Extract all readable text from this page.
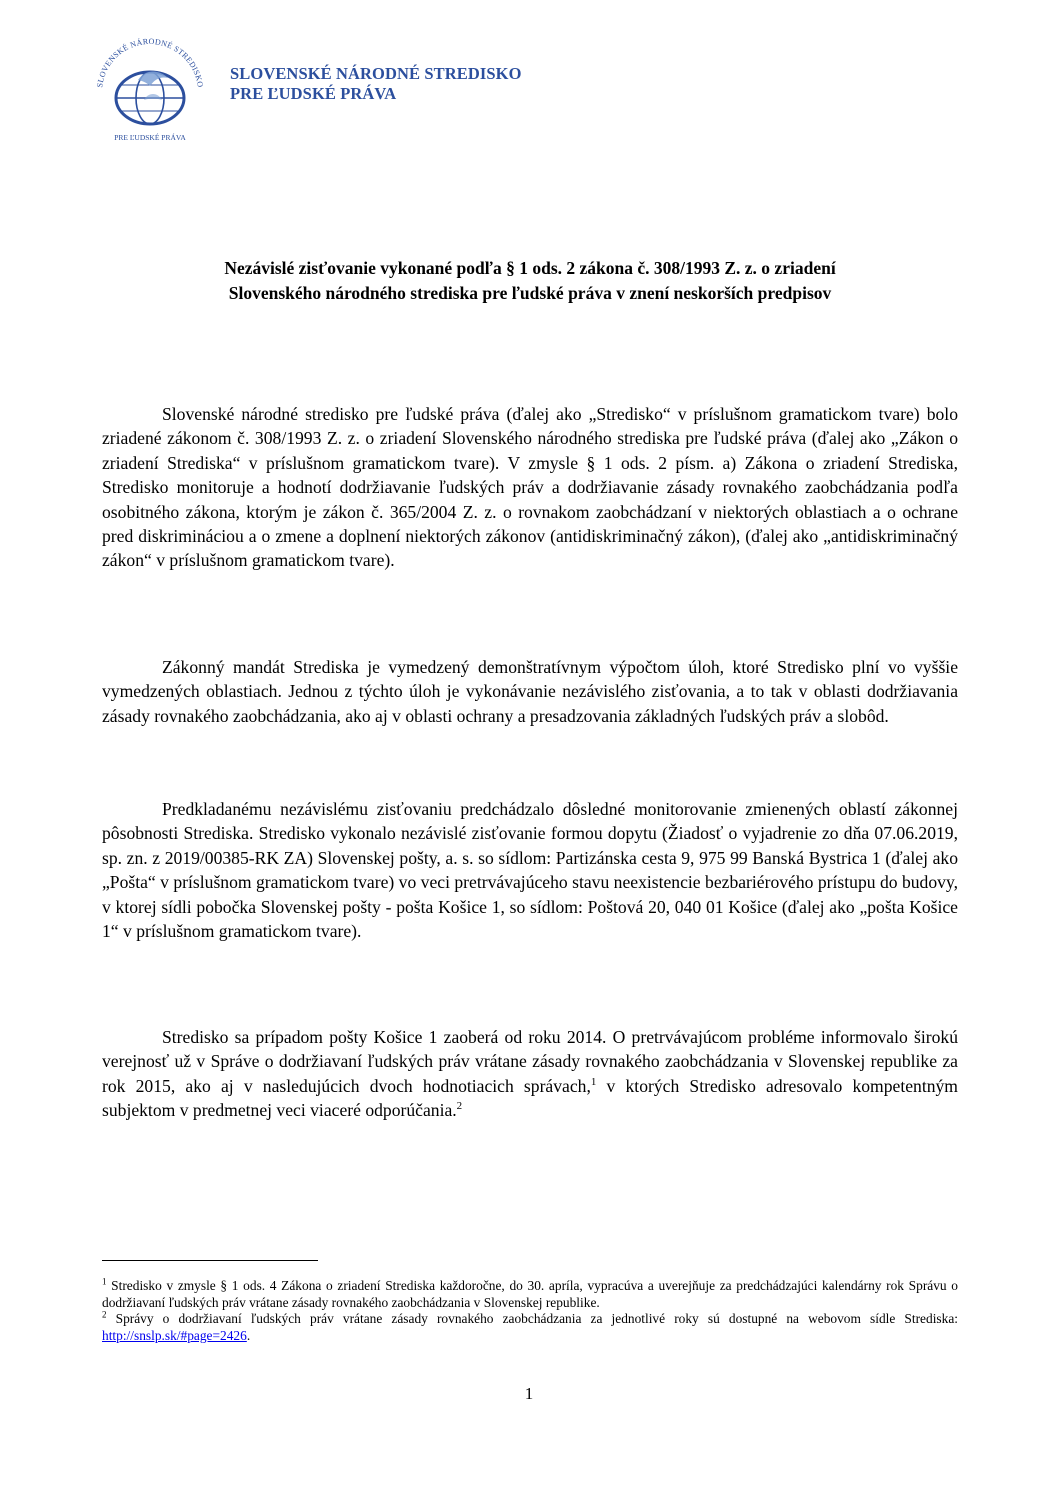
SLOVENSKÉ NÁRODNÉ STREDISKO
PRE ĽUDSKÉ PRÁVA
SLOVENSKÉ NÁRODNÉ STREDISKO
PRE ĽUDSKÉ PRÁVA
Nezávislé zisťovanie vykonané podľa § 1 ods. 2 zákona č. 308/1993 Z. z. o zriadení
Slovenského národného strediska pre ľudské práva v znení neskorších predpisov
Slovenské národné stredisko pre ľudské práva (ďalej ako „Stredisko“ v príslušnom gramatickom tvare) bolo zriadené zákonom č. 308/1993 Z. z. o zriadení Slovenského národného strediska pre ľudské práva (ďalej ako „Zákon o zriadení Strediska“ v príslušnom gramatickom tvare). V zmysle § 1 ods. 2 písm. a) Zákona o zriadení Strediska, Stredisko monitoruje a hodnotí dodržiavanie ľudských práv a dodržiavanie zásady rovnakého zaobchádzania podľa osobitného zákona, ktorým je zákon č. 365/2004 Z. z. o rovnakom zaobchádzaní v niektorých oblastiach a o ochrane pred diskrimináciou a o zmene a doplnení niektorých zákonov (antidiskriminačný zákon), (ďalej ako „antidiskriminačný zákon“ v príslušnom gramatickom tvare).
Zákonný mandát Strediska je vymedzený demonštratívnym výpočtom úloh, ktoré Stredisko plní vo vyššie vymedzených oblastiach. Jednou z týchto úloh je vykonávanie nezávislého zisťovania, a to tak v oblasti dodržiavania zásady rovnakého zaobchádzania, ako aj v oblasti ochrany a presadzovania základných ľudských práv a slobôd.
Predkladanému nezávislému zisťovaniu predchádzalo dôsledné monitorovanie zmienených oblastí zákonnej pôsobnosti Strediska. Stredisko vykonalo nezávislé zisťovanie formou dopytu (Žiadosť o vyjadrenie zo dňa 07.06.2019, sp. zn. z 2019/00385-RK ZA) Slovenskej pošty, a. s. so sídlom: Partizánska cesta 9, 975 99 Banská Bystrica 1 (ďalej ako „Pošta“ v príslušnom gramatickom tvare) vo veci pretrvávajúceho stavu neexistencie bezbariérového prístupu do budovy, v ktorej sídli pobočka Slovenskej pošty - pošta Košice 1, so sídlom: Poštová 20, 040 01 Košice (ďalej ako „pošta Košice 1“ v príslušnom gramatickom tvare).
Stredisko sa prípadom pošty Košice 1 zaoberá od roku 2014. O pretrvávajúcom probléme informovalo širokú verejnosť už v Správe o dodržiavaní ľudských práv vrátane zásady rovnakého zaobchádzania v Slovenskej republike za rok 2015, ako aj v nasledujúcich dvoch hodnotiacich správach,$^1$ v ktorých Stredisko adresovalo kompetentným subjektom v predmetnej veci viaceré odporúčania.$^2$
$^1$ Stredisko v zmysle § 1 ods. 4 Zákona o zriadení Strediska každoročne, do 30. apríla, vypracúva a uverejňuje za predchádzajúci kalendárny rok Správu o dodržiavaní ľudských práv vrátane zásady rovnakého zaobchádzania v Slovenskej republike.
$^2$ Správy o dodržiavaní ľudských práv vrátane zásady rovnakého zaobchádzania za jednotlivé roky sú dostupné na webovom sídle Strediska: http://snslp.sk/#page=2426.
1
